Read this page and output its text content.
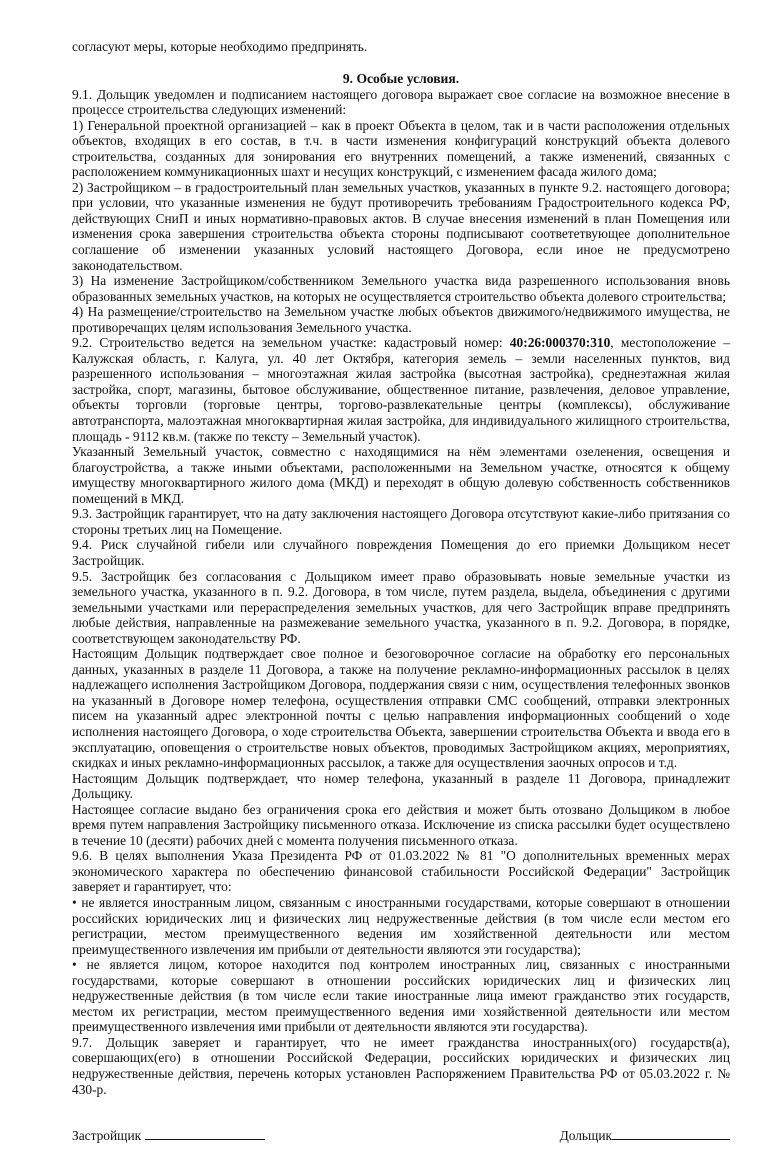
согласуют меры, которые необходимо предпринять.

9. Особые условия.

9.1. Дольщик уведомлен и подписанием настоящего договора выражает свое согласие на возможное внесение в процессе строительства следующих изменений:

1) Генеральной проектной организацией – как в проект Объекта в целом, так и в части расположения отдельных объектов, входящих в его состав, в т.ч. в части изменения конфигураций конструкций объекта долевого строительства, созданных для зонирования его внутренних помещений, а также изменений, связанных с расположением коммуникационных шахт и несущих конструкций, с изменением фасада жилого дома;

2) Застройщиком – в градостроительный план земельных участков, указанных в пункте 9.2. настоящего договора; при условии, что указанные изменения не будут противоречить требованиям Градостроительного кодекса РФ, действующих СниП и иных нормативно-правовых актов. В случае внесения изменений в план Помещения или изменения срока завершения строительства объекта стороны подписывают соответетвующее дополнительное соглашение об изменении указанных условий настоящего Договора, если иное не предусмотрено законодательством.

3) На изменение Застройщиком/собственником Земельного участка вида разрешенного использования вновь образованных земельных участков, на которых не осуществляется строительство объекта долевого строительства;

4) На размещение/строительство на Земельном участке любых объектов движимого/недвижимого имущества, не противоречащих целям использования Земельного участка.

9.2. Строительство ведется на земельном участке: кадастровый номер: 40:26:000370:310, местоположение – Калужская область, г. Калуга, ул. 40 лет Октября, категория земель – земли населенных пунктов, вид разрешенного использования – многоэтажная жилая застройка (высотная застройка), среднеэтажная жилая застройка, спорт, магазины, бытовое обслуживание, общественное питание, развлечения, деловое управление, объекты торговли (торговые центры, торгово-развлекательные центры (комплексы), обслуживание автотранспорта, малоэтажная многоквартирная жилая застройка, для индивидуального жилищного строительства, площадь - 9112 кв.м. (также по тексту – Земельный участок).

Указанный Земельный участок, совместно с находящимися на нём элементами озеленения, освещения и благоустройства, а также иными объектами, расположенными на Земельном участке, относятся к общему имуществу многоквартирного жилого дома (МКД) и переходят в общую долевую собственность собственников помещений в МКД.

9.3. Застройщик гарантирует, что на дату заключения настоящего Договора отсутствуют какие-либо притязания со стороны третьих лиц на Помещение.

9.4. Риск случайной гибели или случайного повреждения Помещения до его приемки Дольщиком несет Застройщик.

9.5. Застройщик без согласования с Дольщиком имеет право образовывать новые земельные участки из земельного участка, указанного в п. 9.2. Договора, в том числе, путем раздела, выдела, объединения с другими земельными участками или перераспределения земельных участков, для чего Застройщик вправе предпринять любые действия, направленные на размежевание земельного участка, указанного в п. 9.2. Договора, в порядке, соответствующем законодательству РФ.

Настоящим Дольщик подтверждает свое полное и безоговорочное согласие на обработку его персональных данных, указанных в разделе 11 Договора, а также на получение рекламно-информационных рассылок в целях надлежащего исполнения Застройщиком Договора, поддержания связи с ним, осуществления телефонных звонков на указанный в Договоре номер телефона, осуществления отправки СМС сообщений, отправки электронных писем на указанный адрес электронной почты с целью направления информационных сообщений о ходе исполнения настоящего Договора, о ходе строительства Объекта, завершении строительства Объекта и ввода его в эксплуатацию, оповещения о строительстве новых объектов, проводимых Застройщиком акциях, мероприятиях, скидках и иных рекламно-информационных рассылок, а также для осуществления заочных опросов и т.д.

Настоящим Дольщик подтверждает, что номер телефона, указанный в разделе 11 Договора, принадлежит Дольщику.

Настоящее согласие выдано без ограничения срока его действия и может быть отозвано Дольщиком в любое время путем направления Застройщику письменного отказа. Исключение из списка рассылки будет осуществлено в течение 10 (десяти) рабочих дней с момента получения письменного отказа.

9.6. В целях выполнения Указа Президента РФ от 01.03.2022 № 81 "О дополнительных временных мерах экономического характера по обеспечению финансовой стабильности Российской Федерации" Застройщик заверяет и гарантирует, что:

• не является иностранным лицом, связанным с иностранными государствами, которые совершают в отношении российских юридических лиц и физических лиц недружественные действия (в том числе если местом его регистрации, местом преимущественного ведения им хозяйственной деятельности или местом преимущественного извлечения им прибыли от деятельности являются эти государства);

• не является лицом, которое находится под контролем иностранных лиц, связанных с иностранными государствами, которые совершают в отношении российских юридических лиц и физических лиц недружественные действия (в том числе если такие иностранные лица имеют гражданство этих государств, местом их регистрации, местом преимущественного ведения ими хозяйственной деятельности или местом преимущественного извлечения ими прибыли от деятельности являются эти государства).

9.7. Дольщик заверяет и гарантирует, что не имеет гражданства иностранных(ого) государств(а), совершающих(его) в отношении Российской Федерации, российских юридических и физических лиц недружественные действия, перечень которых установлен Распоряжением Правительства РФ от 05.03.2022 г. № 430-р.

Застройщик	Дольщик
